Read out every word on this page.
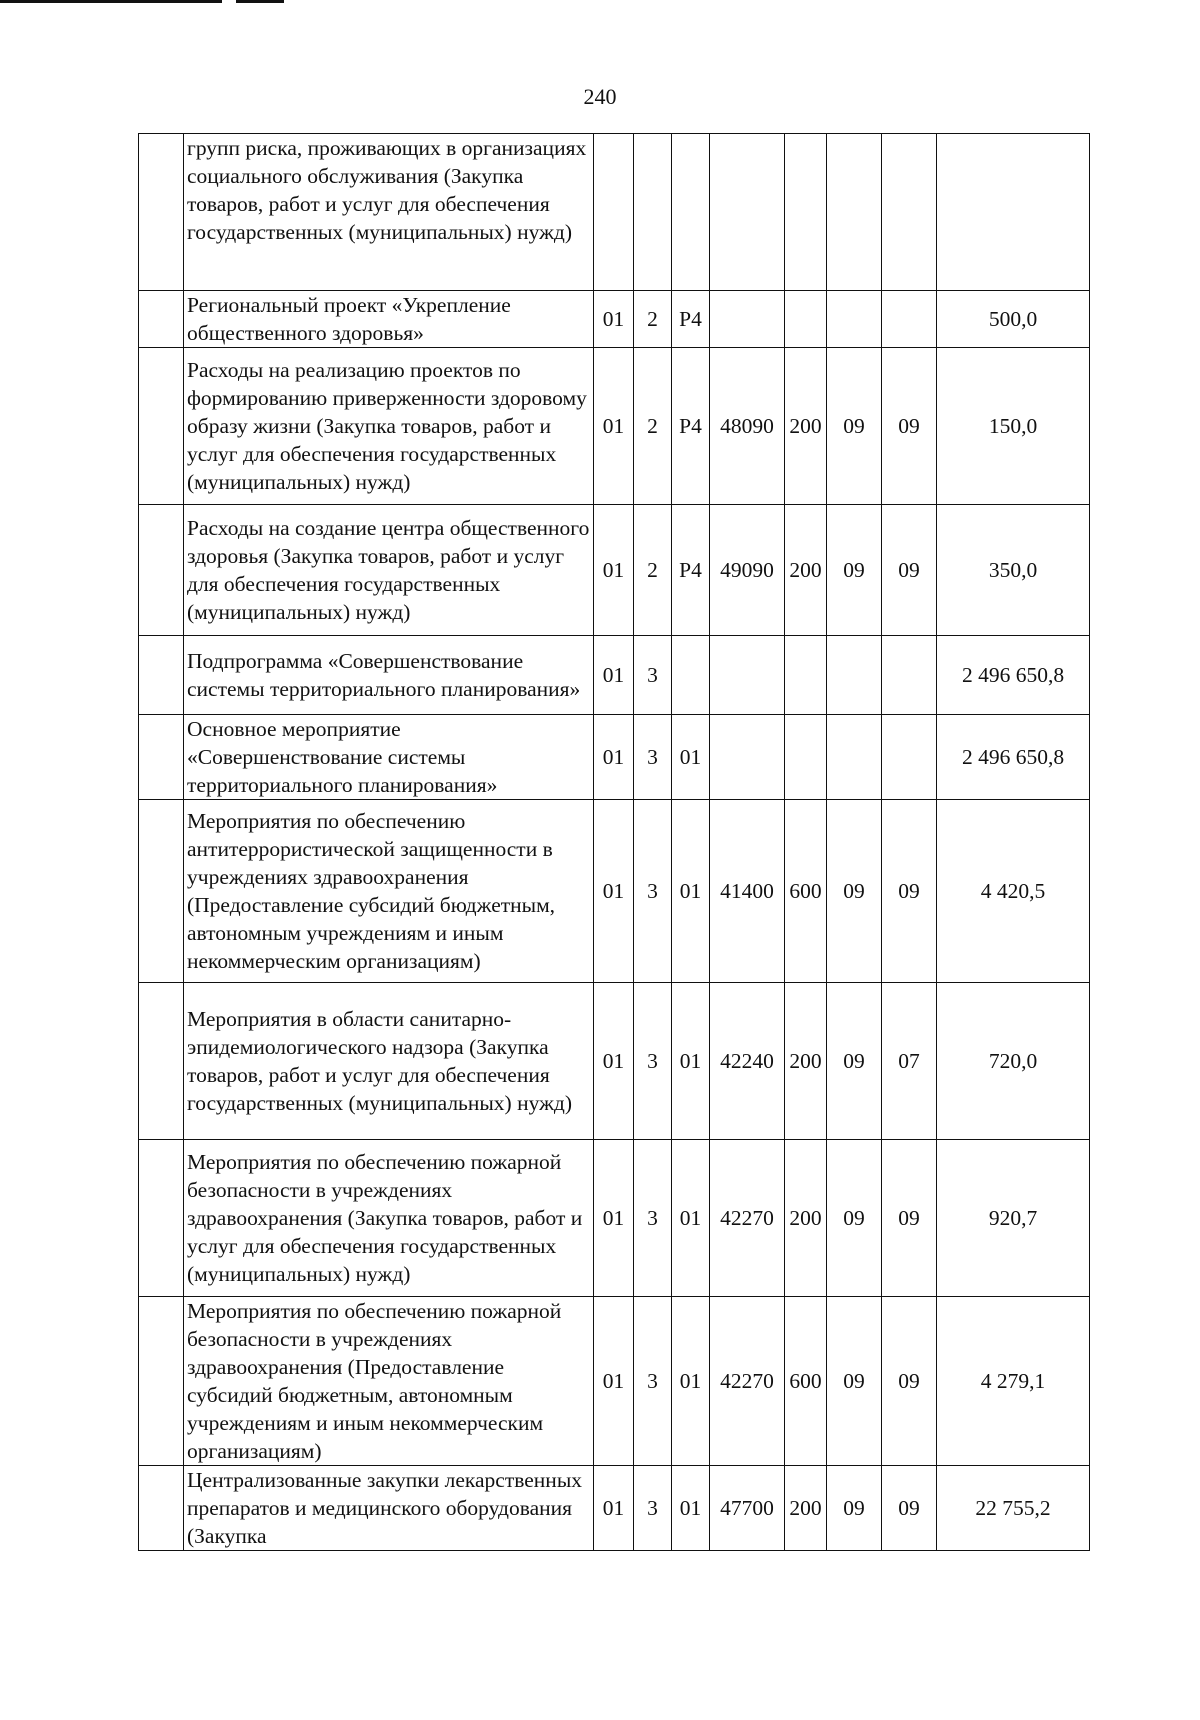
240
	групп риска, проживающих в организациях социального обслуживания (Закупка товаров, работ и услуг для обеспечения государственных (муниципальных) нужд)								
	Региональный проект «Укрепление общественного здоровья»	01	2	P4					500,0
	Расходы на реализацию проектов по формированию приверженности здоровому образу жизни (Закупка товаров, работ и услуг для обеспечения государственных (муниципальных) нужд)	01	2	P4	48090	200	09	09	150,0
	Расходы на создание центра общественного здоровья (Закупка товаров, работ и услуг для обеспечения государственных (муниципальных) нужд)	01	2	P4	49090	200	09	09	350,0
	Подпрограмма «Совершенствование системы территориального планирования»	01	3						2 496 650,8
	Основное мероприятие «Совершенствование системы территориального планирования»	01	3	01					2 496 650,8
	Мероприятия по обеспечению антитеррористической защищенности в учреждениях здравоохранения (Предоставление субсидий бюджетным, автономным учреждениям и иным некоммерческим организациям)	01	3	01	41400	600	09	09	4 420,5
	Мероприятия в области санитарно-эпидемиологического надзора (Закупка товаров, работ и услуг для обеспечения государственных (муниципальных) нужд)	01	3	01	42240	200	09	07	720,0
	Мероприятия по обеспечению пожарной безопасности в учреждениях здравоохранения (Закупка товаров, работ и услуг для обеспечения государственных (муниципальных) нужд)	01	3	01	42270	200	09	09	920,7
	Мероприятия по обеспечению пожарной безопасности в учреждениях здравоохранения (Предоставление субсидий бюджетным, автономным учреждениям и иным некоммерческим организациям)	01	3	01	42270	600	09	09	4 279,1
	Централизованные закупки лекарственных препаратов и медицинского оборудования (Закупка	01	3	01	47700	200	09	09	22 755,2
